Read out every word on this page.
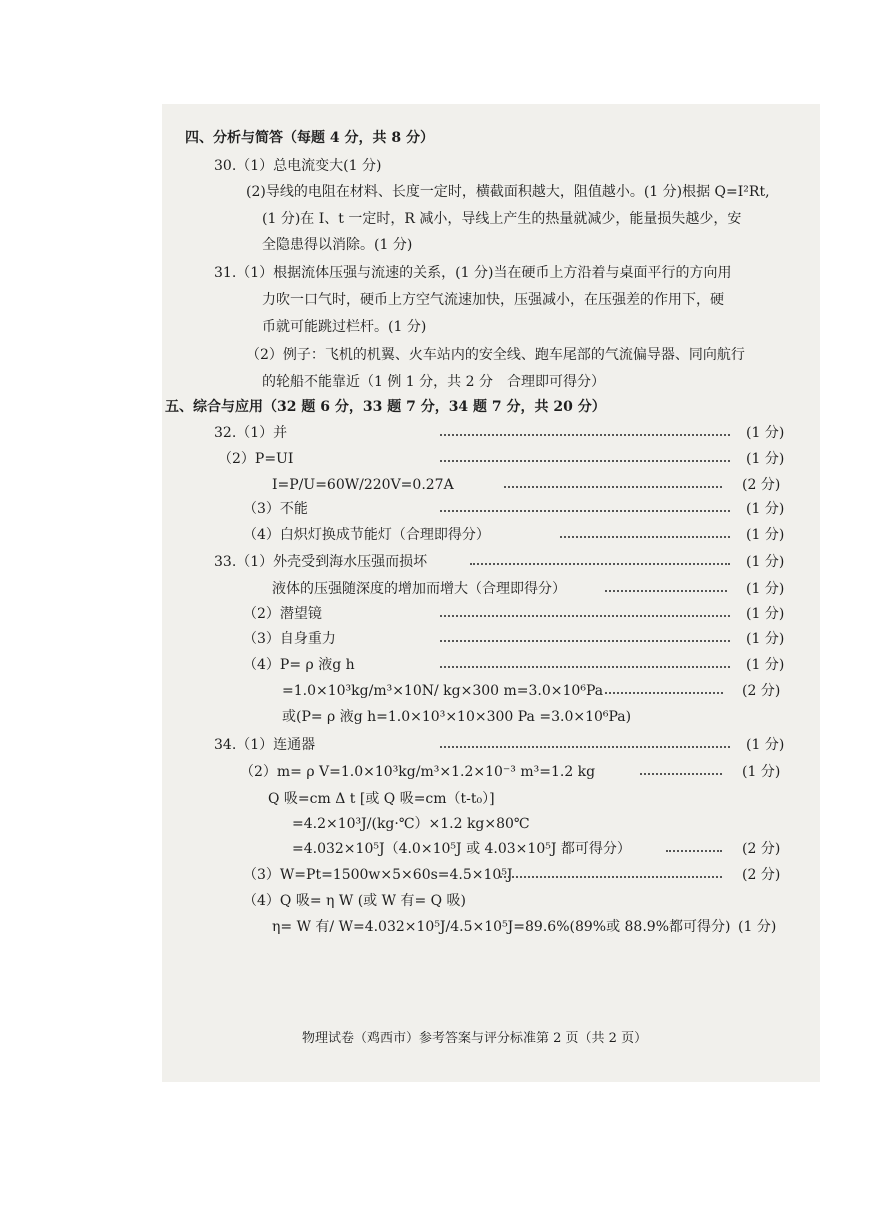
四、分析与简答（每题 4 分，共 8 分）
30.（1）总电流变大(1 分)
(2)导线的电阻在材料、长度一定时，横截面积越大，阻值越小。(1 分)根据 Q=I²Rt,
(1 分)在 I、t 一定时，R 减小，导线上产生的热量就减少，能量损失越少，安
全隐患得以消除。(1 分)
31.（1）根据流体压强与流速的关系，(1 分)当在硬币上方沿着与桌面平行的方向用
力吹一口气时，硬币上方空气流速加快，压强减小，在压强差的作用下，硬
币就可能跳过栏杆。(1 分)
（2）例子：飞机的机翼、火车站内的安全线、跑车尾部的气流偏导器、同向航行
的轮船不能靠近（1 例 1 分，共 2 分　合理即可得分）
五、综合与应用（32 题 6 分，33 题 7 分，34 题 7 分，共 20 分）
32.（1）并	(1 分)
（2）P=UI	(1 分)
I=P/U=60W/220V=0.27A	(2 分)
（3）不能	(1 分)
（4）白炽灯换成节能灯（合理即得分）	(1 分)
33.（1）外壳受到海水压强而损坏	(1 分)
液体的压强随深度的增加而增大（合理即得分）	(1 分)
（2）潜望镜	(1 分)
（3）自身重力	(1 分)
（4）P= ρ 液g h	(1 分)
=1.0×10³kg/m³×10N/ kg×300 m=3.0×10⁶Pa	(2 分)
或(P= ρ 液g h=1.0×10³×10×300 Pa =3.0×10⁶Pa)
34.（1）连通器	(1 分)
（2）m= ρ V=1.0×10³kg/m³×1.2×10⁻³ m³=1.2 kg	(1 分)
Q 吸=cm Δ t [或 Q 吸=cm（t-t₀）]
=4.2×10³J/(kg·℃）×1.2 kg×80℃
=4.032×10⁵J（4.0×10⁵J 或 4.03×10⁵J 都可得分）	(2 分)
（3）W=Pt=1500w×5×60s=4.5×10⁵J	(2 分)
（4）Q 吸= η W (或 W 有= Q 吸)
η= W 有/ W=4.032×10⁵J/4.5×10⁵J=89.6%(89%或 88.9%都可得分) (1 分)
物理试卷（鸡西市）参考答案与评分标准第 2 页（共 2 页）
